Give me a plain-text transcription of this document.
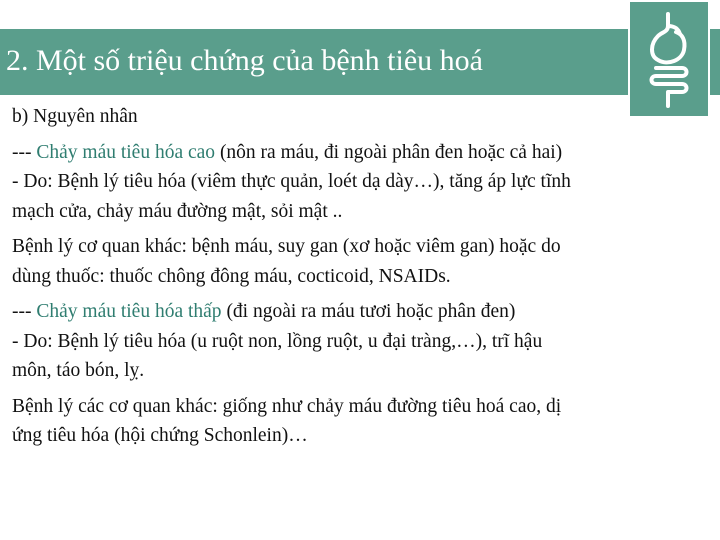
2. Một số triệu chứng của bệnh tiêu hoá

b) Nguyên nhân

--- Chảy máu tiêu hóa cao (nôn ra máu, đi ngoài phân đen hoặc cả hai)

- Do: Bệnh lý tiêu hóa (viêm thực quản, loét dạ dày…), tăng áp lực tĩnh

mạch cửa, chảy máu đường mật, sỏi mật ..

Bệnh lý cơ quan khác: bệnh máu, suy gan (xơ hoặc viêm gan) hoặc do

dùng thuốc: thuốc chông đông máu, cocticoid, NSAIDs.

--- Chảy máu tiêu hóa thấp (đi ngoài ra máu tươi hoặc phân đen)

- Do: Bệnh lý tiêu hóa (u ruột non, lồng ruột, u đại tràng,…), trĩ hậu

môn, táo bón, lỵ.

Bệnh lý các cơ quan khác: giống như chảy máu đường tiêu hoá cao, dị

ứng tiêu hóa (hội chứng Schonlein)…
